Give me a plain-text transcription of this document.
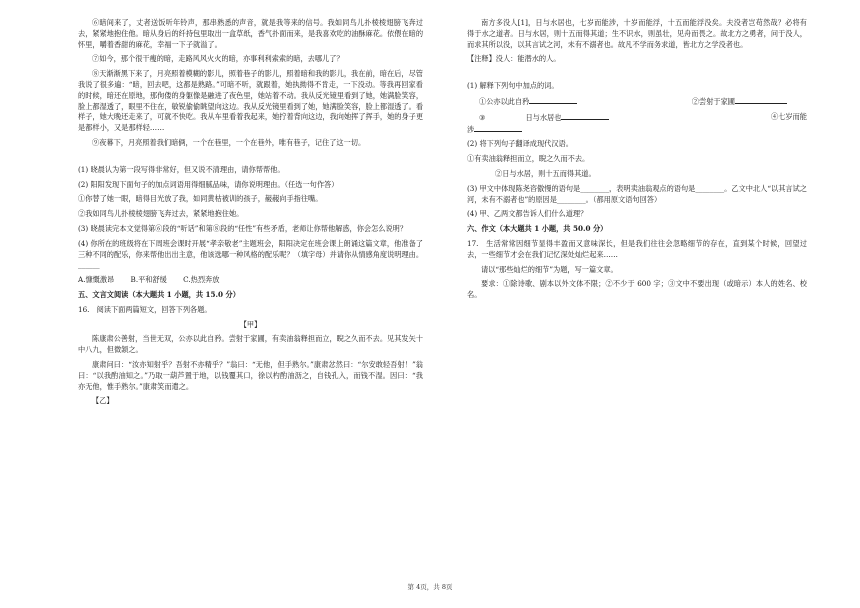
⑥暗间来了，丈者送饭听年铃声，那串熟悉的声音，就是我等来的信号。我如同鸟儿扑棱棱翅膀飞奔过去，紧紧地抱住他。暗从身后的纤持包里取出一盒草纸，香气扑面而来，是我喜欢吃的油酥麻花。依偎在暗的怀里，嚼着香甜的麻花，幸福一下子就溢了。

⑦如今，那个很干瘦的暗，走路风风火火的暗，亦事利利索索的暗，去哪儿了？

⑧天渐渐黑下来了，月亮照着模糊的影儿，照着巷子的影儿，照着暗和我的影儿，我在前，暗在后，尽管我说了很多遍：“暗，回去吧，这都是熟路。”可暗不听，就跟着，她执拗得不肯走，一下没动。等我再回家看的时候，暗还在原地，那佝偻的身躯像是融进了夜色里，她站着不动。我从反光镜里看到了她，她满脸笑容，脸上都湿透了，眼里不住在，敏锐偷偷眺望向这边。我从反光镜里看到了她，她满脸笑容，脸上都湿透了。看样子，她大晚还走来了，可就不快吃。我从车里看着我起来，她拧着背向这边，我向她挥了挥手，她的身子更是都样小，又是那样轻……

⑨夜幕下，月亮照着我们暗俩，一个在巷里，一个在巷外，唯有巷子，记住了这一切。

(1) 晓晨认为第一段写得非常好，但又说不清理由，请你帮帮他。

(2) 阳阳发现下面句子的加点词语用得细腻品味，请你说明理由。（任选一句作答）

①你替了她一眼，暗得目光放了我，如同黄枯被训的孩子，赧赧向手指往嘴。

②我如同鸟儿扑棱棱翅膀飞奔过去，紧紧地抱住她。

(3) 晓晨读完本文觉得第⑥段的“听话”和第⑧段的“任性”有些矛盾，老师让你帮他解惑，你会怎么说明？

(4) 你所在的班级将在下周班会课时开展“孝亲敬老”主题班会，阳阳决定在班会课上朗诵这篇文章，他准备了三种不同的配乐，你来帮他出出主意，他该选哪一种风格的配乐呢？（填字母）并请你从情感角度说明理由。______

A.慷慨激昂 B.平和舒缓 C.热烈奔放

五、文言文阅读（本大题共 1 小题，共 15.0 分）

16.　阅读下面两篇短文，回答下列各题。

【甲】

陈康肃公善射，当世无双，公亦以此自矜。尝射于家圃，有卖油翁释担而立，睨之久而不去。见其发矢十中八九，但微颔之。

康肃问曰：“汝亦知射乎？吾射不亦精乎？”翁曰：“无他，但手熟尔。”康肃忿然曰：“尔安敢轻吾射！”翁曰：“以我酌油知之。”乃取一葫芦置于地，以钱覆其口，徐以杓酌油沥之，自钱孔入，而钱不湿。因曰：“我亦无他，惟手熟尔。”康肃笑而遣之。

【乙】

南方多没人[1]，日与水居也，七岁而能涉，十岁而能浮，十五而能浮没矣。夫没者岂苟然哉？必将有得于水之道者。日与水居，则十五而得其道；生不识水，则虽壮，见舟而畏之。故北方之勇者，问于没人，而求其所以没，以其言试之河，未有不溺者也。故凡不学而务求道，皆北方之学没者也。

【注释】没人：能潜水的人。

(1) 解释下列句中加点的词。

①公亦以此自矜	②尝射于家圃

③	日与水居也	④七岁而能

涉

(2) 将下列句子翻译成现代汉语。

①有卖油翁释担而立，睨之久而不去。

②日与水居，则十五而得其道。

(3) 甲文中体现陈尧咨傲慢的语句是________，表明卖油翁观点的语句是________。乙文中北人“以其言试之河，未有不溺者也”的原因是________。（都用原文语句回答）

(4) 甲、乙两文都告诉人们什么道理？

六、作文（本大题共 1 小题，共 50.0 分）

17.　生活常常因细节显得丰盈而又意味深长，但是我们往往会忽略细节的存在，直到某个时候，回望过去，一些细节才会在我们记忆深处灿烂起来……

请以“那些灿烂的细节”为题，写一篇文章。

要求：①除诗歌、剧本以外文体不限；②不少于 600 字；③文中不要出现（或暗示）本人的姓名、校名。

第 4页，共 8页
